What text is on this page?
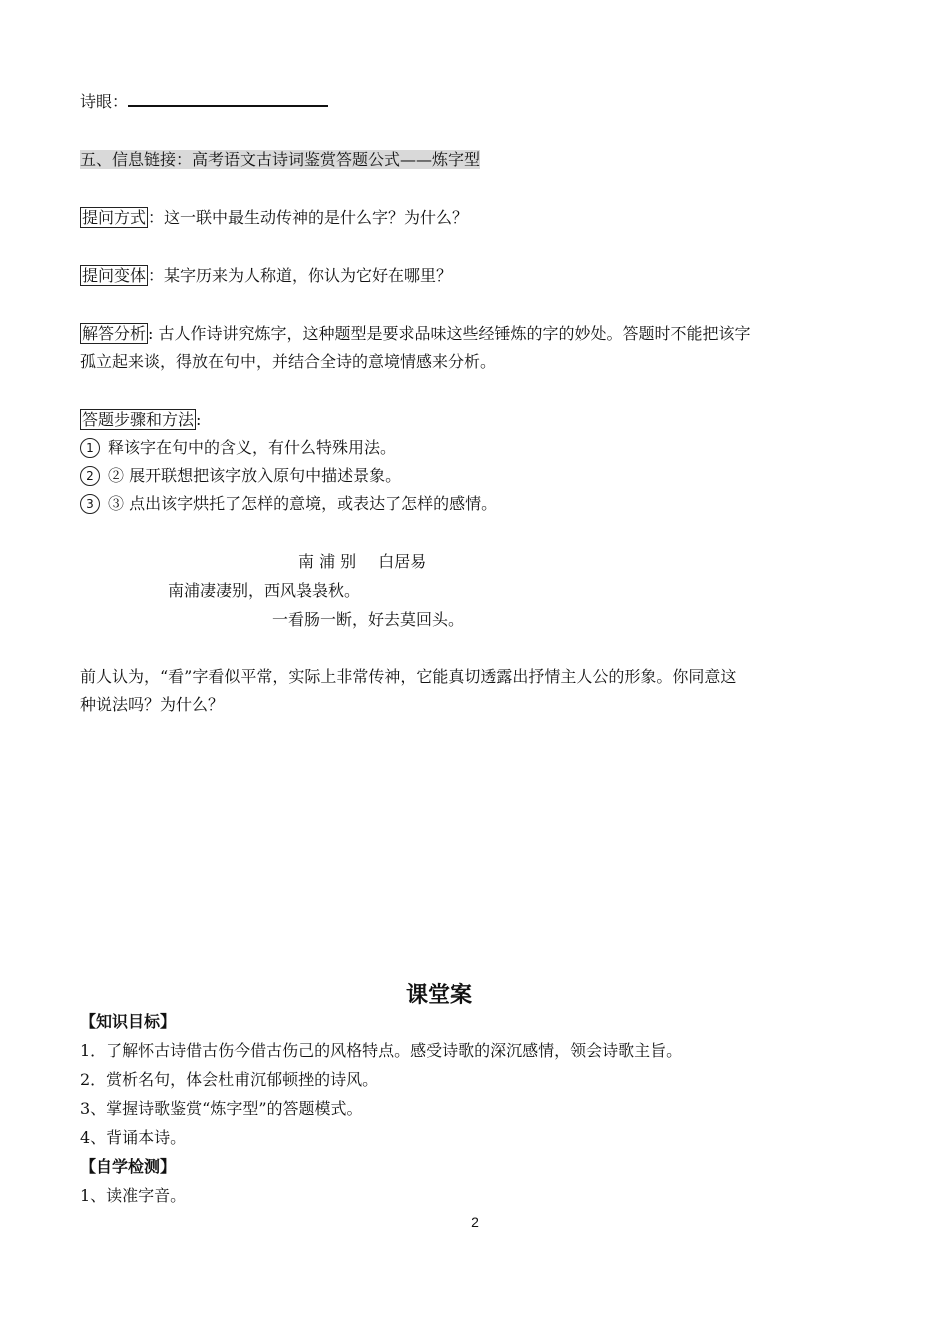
诗眼：
五、信息链接：高考语文古诗词鉴赏答题公式——炼字型
提问方式 ：这一联中最生动传神的是什么字？为什么？
提问变体 ：某字历来为人称道，你认为它好在哪里？
解答分析 : 古人作诗讲究炼字，这种题型是要求品味这些经锤炼的字的妙处。答题时不能把该字
孤立起来谈，得放在句中，并结合全诗的意境情感来分析。
答题步骤和方法 :
1 释该字在句中的含义，有什么特殊用法。
2 ② 展开联想把该字放入原句中描述景象。
3 ③ 点出该字烘托了怎样的意境，或表达了怎样的感情。
南 浦 别 白居易
南浦凄凄别，西风袅袅秋。
一看肠一断，好去莫回头。
前人认为，“看”字看似平常，实际上非常传神，它能真切透露出抒情主人公的形象。你同意这
种说法吗？为什么？
课堂案
【知识目标】
1．了解怀古诗借古伤今借古伤己的风格特点。感受诗歌的深沉感情，领会诗歌主旨。
2．赏析名句，体会杜甫沉郁顿挫的诗风。
3、掌握诗歌鉴赏“炼字型”的答题模式。
4、背诵本诗。
【自学检测】
1、读准字音。
2
